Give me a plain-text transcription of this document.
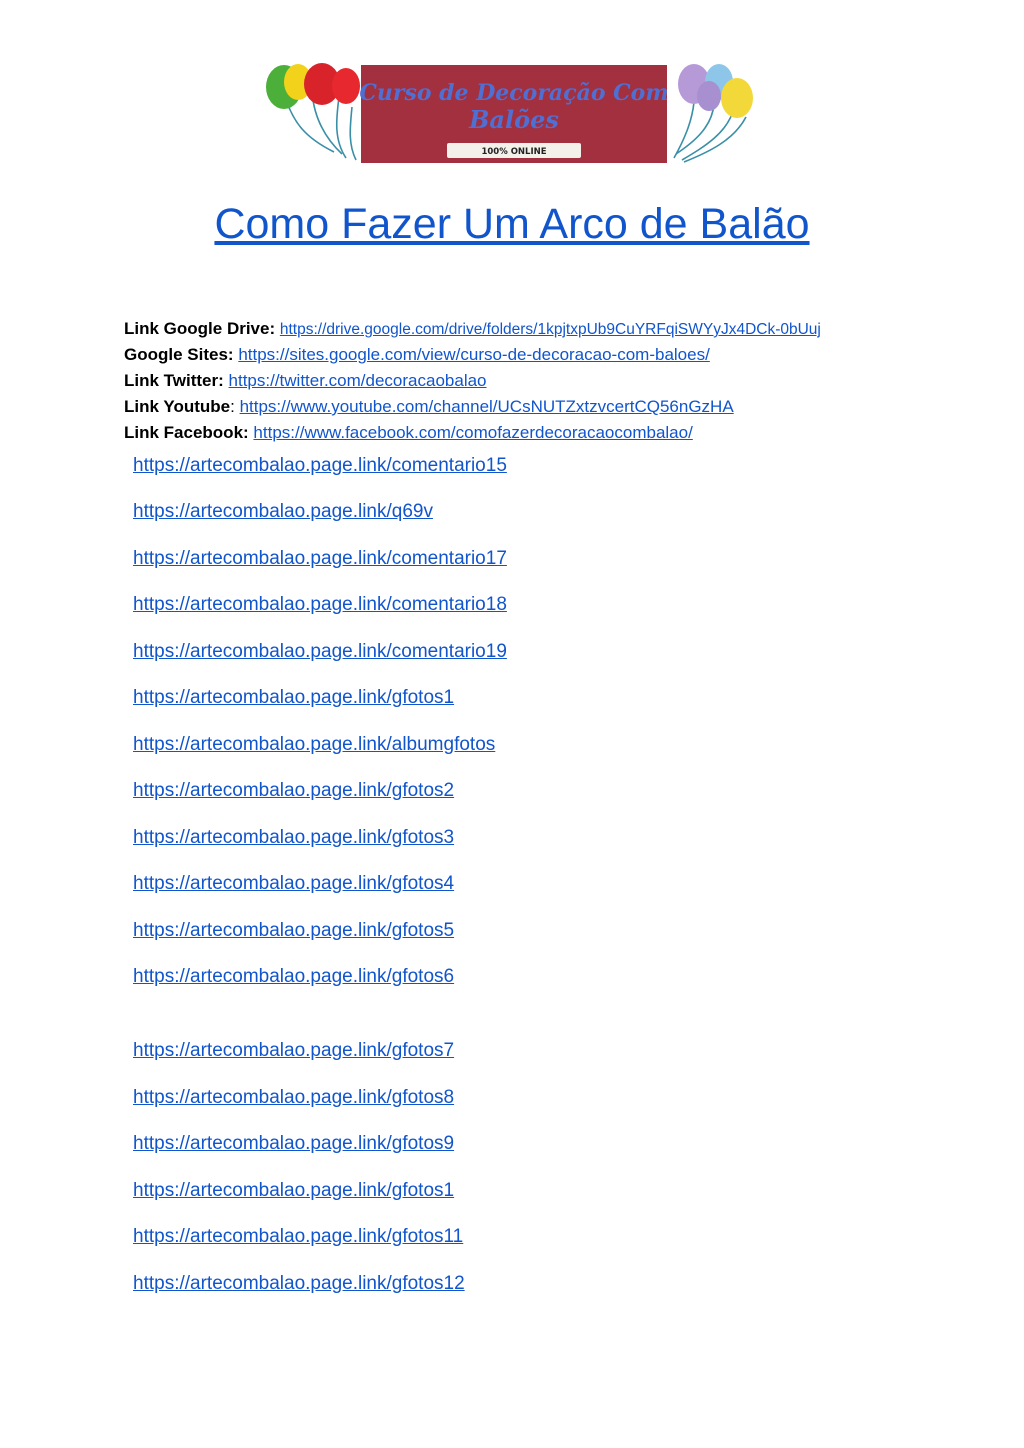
Curso de Decoração Com
Balões
100% ONLINE
Como Fazer Um Arco de Balão
Link Google Drive: https://drive.google.com/drive/folders/1kpjtxpUb9CuYRFqiSWYyJx4DCk-0bUuj
Google Sites: https://sites.google.com/view/curso-de-decoracao-com-baloes/
Link Twitter: https://twitter.com/decoracaobalao
Link Youtube: https://www.youtube.com/channel/UCsNUTZxtzvcertCQ56nGzHA
Link Facebook: https://www.facebook.com/comofazerdecoracaocombalao/
https://artecombalao.page.link/comentario15
https://artecombalao.page.link/q69v
https://artecombalao.page.link/comentario17
https://artecombalao.page.link/comentario18
https://artecombalao.page.link/comentario19
https://artecombalao.page.link/gfotos1
https://artecombalao.page.link/albumgfotos
https://artecombalao.page.link/gfotos2
https://artecombalao.page.link/gfotos3
https://artecombalao.page.link/gfotos4
https://artecombalao.page.link/gfotos5
https://artecombalao.page.link/gfotos6
https://artecombalao.page.link/gfotos7
https://artecombalao.page.link/gfotos8
https://artecombalao.page.link/gfotos9
https://artecombalao.page.link/gfotos1
https://artecombalao.page.link/gfotos11
https://artecombalao.page.link/gfotos12
